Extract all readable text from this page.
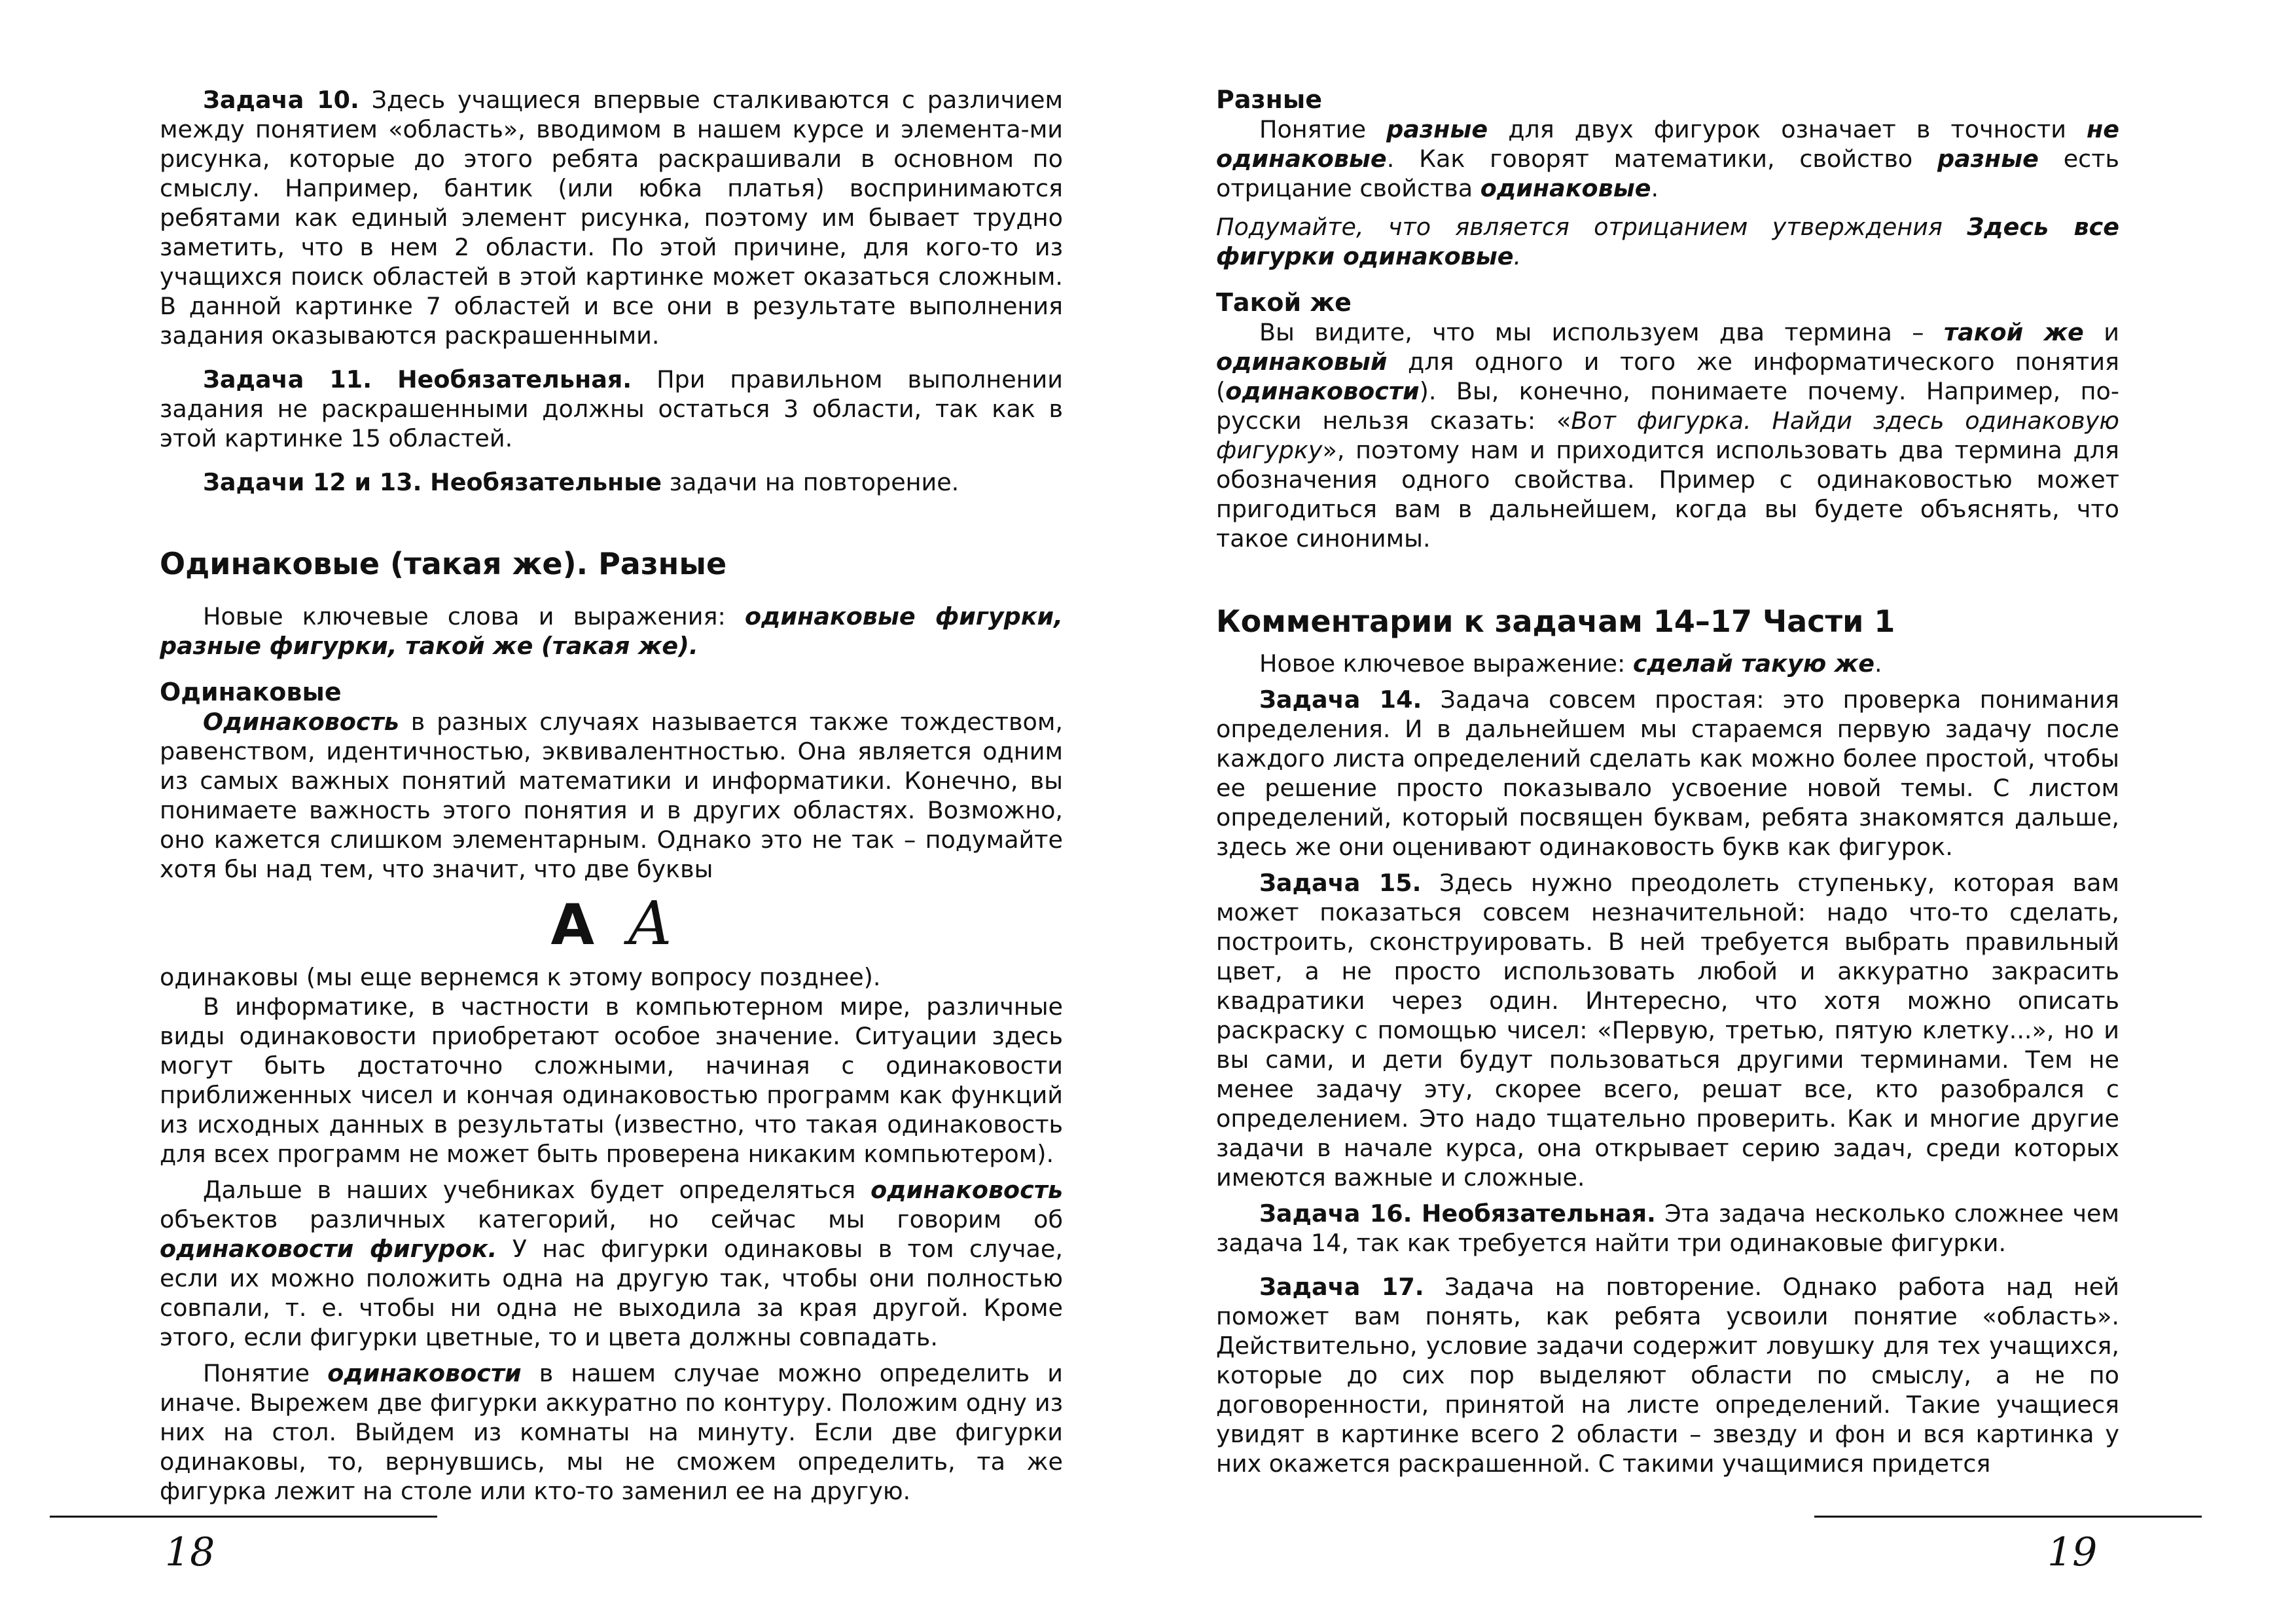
Задача 10. Здесь учащиеся впервые сталкиваются с различием между понятием «область», вводимом в нашем курсе и элемента-ми рисунка, которые до этого ребята раскрашивали в основном по смыслу. Например, бантик (или юбка платья) воспринимаются ребятами как единый элемент рисунка, поэтому им бывает трудно заметить, что в нем 2 области. По этой причине, для кого-то из учащихся поиск областей в этой картинке может оказаться сложным. В данной картинке 7 областей и все они в результате выполнения задания оказываются раскрашенными.

Задача 11. Необязательная. При правильном выполнении задания не раскрашенными должны остаться 3 области, так как в этой картинке 15 областей.

Задачи 12 и 13. Необязательные задачи на повторение.

Одинаковые (такая же). Разные

Новые ключевые слова и выражения: одинаковые фигурки, разные фигурки, такой же (такая же).

Одинаковые

Одинаковость в разных случаях называется также тождеством, равенством, идентичностью, эквивалентностью. Она является одним из самых важных понятий математики и информатики. Конечно, вы понимаете важность этого понятия и в других областях. Возможно, оно кажется слишком элементарным. Однако это не так – подумайте хотя бы над тем, что значит, что две буквы

A A

одинаковы (мы еще вернемся к этому вопросу позднее).

В информатике, в частности в компьютерном мире, различные виды одинаковости приобретают особое значение. Ситуации здесь могут быть достаточно сложными, начиная с одинаковости приближенных чисел и кончая одинаковостью программ как функций из исходных данных в результаты (известно, что такая одинаковость для всех программ не может быть проверена никаким компьютером).

Дальше в наших учебниках будет определяться одинаковость объектов различных категорий, но сейчас мы говорим об одинаковости фигурок. У нас фигурки одинаковы в том случае, если их можно положить одна на другую так, чтобы они полностью совпали, т. е. чтобы ни одна не выходила за края другой. Кроме этого, если фигурки цветные, то и цвета должны совпадать.

Понятие одинаковости в нашем случае можно определить и иначе. Вырежем две фигурки аккуратно по контуру. Положим одну из них на стол. Выйдем из комнаты на минуту. Если две фигурки одинаковы, то, вернувшись, мы не сможем определить, та же фигурка лежит на столе или кто-то заменил ее на другую.

18
Разные

Понятие разные для двух фигурок означает в точности не одинаковые. Как говорят математики, свойство разные есть отрицание свойства одинаковые.

Подумайте, что является отрицанием утверждения Здесь все фигурки одинаковые.

Такой же

Вы видите, что мы используем два термина – такой же и одинаковый для одного и того же информатического понятия (одинаковости). Вы, конечно, понимаете почему. Например, по-русски нельзя сказать: «Вот фигурка. Найди здесь одинаковую фигурку», поэтому нам и приходится использовать два термина для обозначения одного свойства. Пример с одинаковостью может пригодиться вам в дальнейшем, когда вы будете объяснять, что такое синонимы.

Комментарии к задачам 14–17 Части 1

Новое ключевое выражение: сделай такую же.

Задача 14. Задача совсем простая: это проверка понимания определения. И в дальнейшем мы стараемся первую задачу после каждого листа определений сделать как можно более простой, чтобы ее решение просто показывало усвоение новой темы. С листом определений, который посвящен буквам, ребята знакомятся дальше, здесь же они оценивают одинаковость букв как фигурок.

Задача 15. Здесь нужно преодолеть ступеньку, которая вам может показаться совсем незначительной: надо что-то сделать, построить, сконструировать. В ней требуется выбрать правильный цвет, а не просто использовать любой и аккуратно закрасить квадратики через один. Интересно, что хотя можно описать раскраску с помощью чисел: «Первую, третью, пятую клетку...», но и вы сами, и дети будут пользоваться другими терминами. Тем не менее задачу эту, скорее всего, решат все, кто разобрался с определением. Это надо тщательно проверить. Как и многие другие задачи в начале курса, она открывает серию задач, среди которых имеются важные и сложные.

Задача 16. Необязательная. Эта задача несколько сложнее чем задача 14, так как требуется найти три одинаковые фигурки.

Задача 17. Задача на повторение. Однако работа над ней поможет вам понять, как ребята усвоили понятие «область». Действительно, условие задачи содержит ловушку для тех учащихся, которые до сих пор выделяют области по смыслу, а не по договоренности, принятой на листе определений. Такие учащиеся увидят в картинке всего 2 области – звезду и фон и вся картинка у них окажется раскрашенной. С такими учащимися придется

19
